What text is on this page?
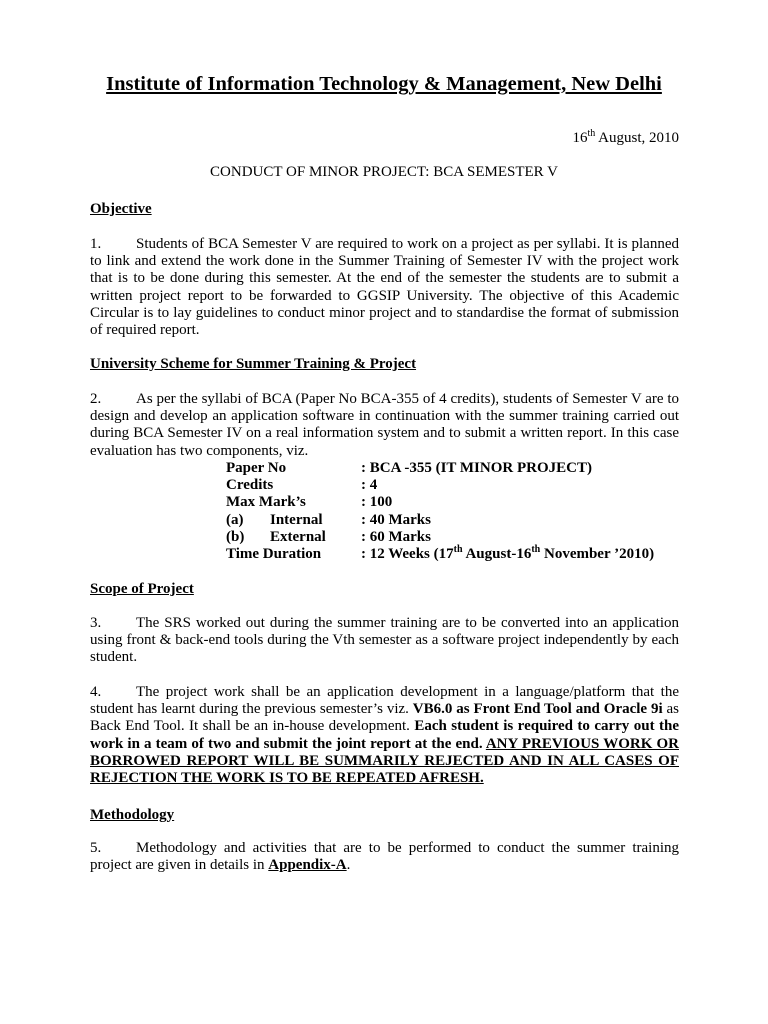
Institute of Information Technology & Management, New Delhi
16th August, 2010
CONDUCT OF MINOR PROJECT: BCA SEMESTER V
Objective

1. Students of BCA Semester V are required to work on a project as per syllabi. It is planned to link and extend the work done in the Summer Training of Semester IV with the project work that is to be done during this semester. At the end of the semester the students are to submit a written project report to be forwarded to GGSIP University. The objective of this Academic Circular is to lay guidelines to conduct minor project and to standardise the format of submission of required report.

University Scheme for Summer Training & Project

2. As per the syllabi of BCA (Paper No BCA-355 of 4 credits), students of Semester V are to design and develop an application software in continuation with the summer training carried out during BCA Semester IV on a real information system and to submit a written report. In this case evaluation has two components, viz.

Paper No	: BCA -355 (IT MINOR PROJECT)
Credits	: 4
Max Mark’s	: 100
(a) Internal	: 40 Marks
(b) External	: 60 Marks
Time Duration	: 12 Weeks (17th August-16th November ’2010)
Scope of Project

3. The SRS worked out during the summer training are to be converted into an application using front & back-end tools during the Vth semester as a software project independently by each student.

4. The project work shall be an application development in a language/platform that the student has learnt during the previous semester’s viz. VB6.0 as Front End Tool and Oracle 9i as Back End Tool. It shall be an in-house development. Each student is required to carry out the work in a team of two and submit the joint report at the end. ANY PREVIOUS WORK OR BORROWED REPORT WILL BE SUMMARILY REJECTED AND IN ALL CASES OF REJECTION THE WORK IS TO BE REPEATED AFRESH.

Methodology

5. Methodology and activities that are to be performed to conduct the summer training project are given in details in Appendix-A.
